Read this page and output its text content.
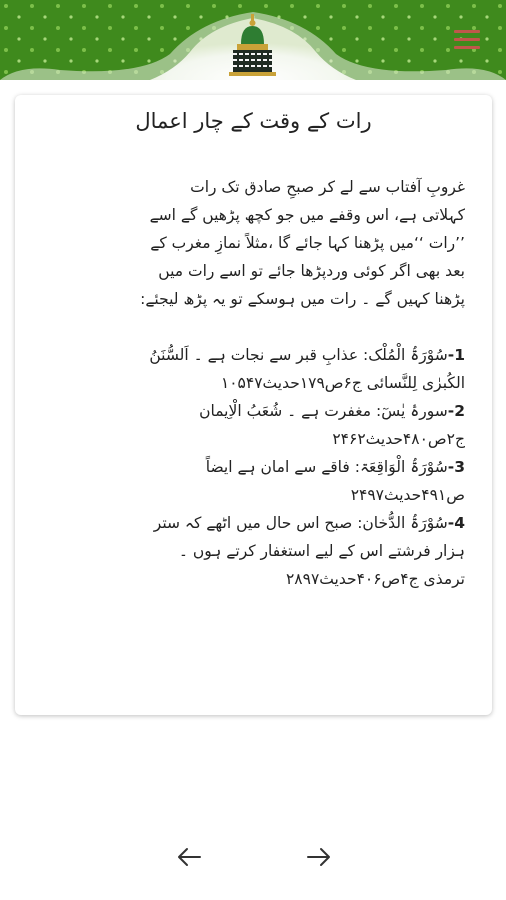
رات کے وقت کے چار اعمال
غروبِ آفتاب سے لے کر صبحِ صادق تک رات
کہلاتی ہے، اس وقفے میں جو کچھ پڑھیں گے اسے
’’رات ‘‘میں پڑھنا کہا جائے گا ،مثلاً نمازِ مغرب کے
بعد بھی اگر کوئی وردپڑھا جائے تو اسے رات میں
پڑھنا کہیں گے ۔ رات میں ہوسکے تو یہ پڑھ لیجئے:
1-سُوْرَۃُ الْمُلْک: عذابِ قبر سے نجات ہے ۔ اَلسُّنَنُ
الکُبرٰی لِلنَّسائی ج۶ص۱۷۹حدیث۱۰۵۴۷
2-سورۂ یٰسٓ: مغفرت ہے ۔ شُعَبُ الْاِیمان
ج۲ص۴۸۰حدیث۲۴۶۲
3-سُوْرَۃُ الْوَاقِعَۃ: فاقے سے امان ہے ایضاً
ص۴۹۱حدیث۲۴۹۷
4-سُوْرَۃُ الدُّخان: صبح اس حال میں اٹھے کہ ستر
ہزار فرشتے اس کے لیے استغفار کرتے ہوں ۔
ترمذی ج۴ص۴۰۶حدیث۲۸۹۷
